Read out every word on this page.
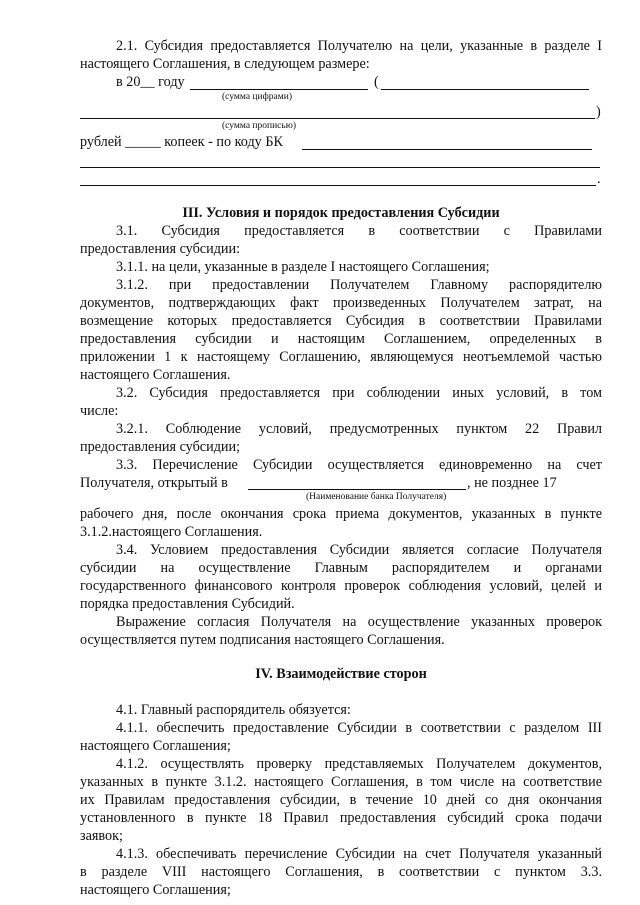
2.1. Субсидия предоставляется Получателю на цели, указанные в разделе I

настоящего Соглашения, в следующем размере:

в 20__ году	(
(сумма цифрами)
)
(сумма прописью)
рублей _____ копеек - по коду БК
.

III. Условия и порядок предоставления Субсидии

3.1. Субсидия предоставляется в соответствии с Правилами

предоставления субсидии:

3.1.1. на цели, указанные в разделе I настоящего Соглашения;

3.1.2. при предоставлении Получателем Главному распорядителю

документов, подтверждающих факт произведенных Получателем затрат, на

возмещение которых предоставляется Субсидия в соответствии Правилами

предоставления субсидии и настоящим Соглашением, определенных в

приложении 1 к настоящему Соглашению, являющемуся неотъемлемой частью

настоящего Соглашения.

3.2. Субсидия предоставляется при соблюдении иных условий, в том

числе:

3.2.1. Соблюдение условий, предусмотренных пунктом 22 Правил

предоставления субсидии;

3.3. Перечисление Субсидии осуществляется единовременно на счет

Получателя, открытый в	, не позднее 17
(Наименование банка Получателя)

рабочего дня, после окончания срока приема документов, указанных в пункте

3.1.2.настоящего Соглашения.

3.4. Условием предоставления Субсидии является согласие Получателя

субсидии на осуществление Главным распорядителем и органами

государственного финансового контроля проверок соблюдения условий, целей и

порядка предоставления Субсидий.

Выражение согласия Получателя на осуществление указанных проверок

осуществляется путем подписания настоящего Соглашения.

IV. Взаимодействие сторон

4.1. Главный распорядитель обязуется:

4.1.1. обеспечить предоставление Субсидии в соответствии с разделом III

настоящего Соглашения;

4.1.2. осуществлять проверку представляемых Получателем документов,

указанных в пункте 3.1.2. настоящего Соглашения, в том числе на соответствие

их Правилам предоставления субсидии, в течение 10 дней со дня окончания

установленного в пункте 18 Правил предоставления субсидий срока подачи

заявок;

4.1.3. обеспечивать перечисление Субсидии на счет Получателя указанный

в разделе VIII настоящего Соглашения, в соответствии с пунктом 3.3.

настоящего Соглашения;
